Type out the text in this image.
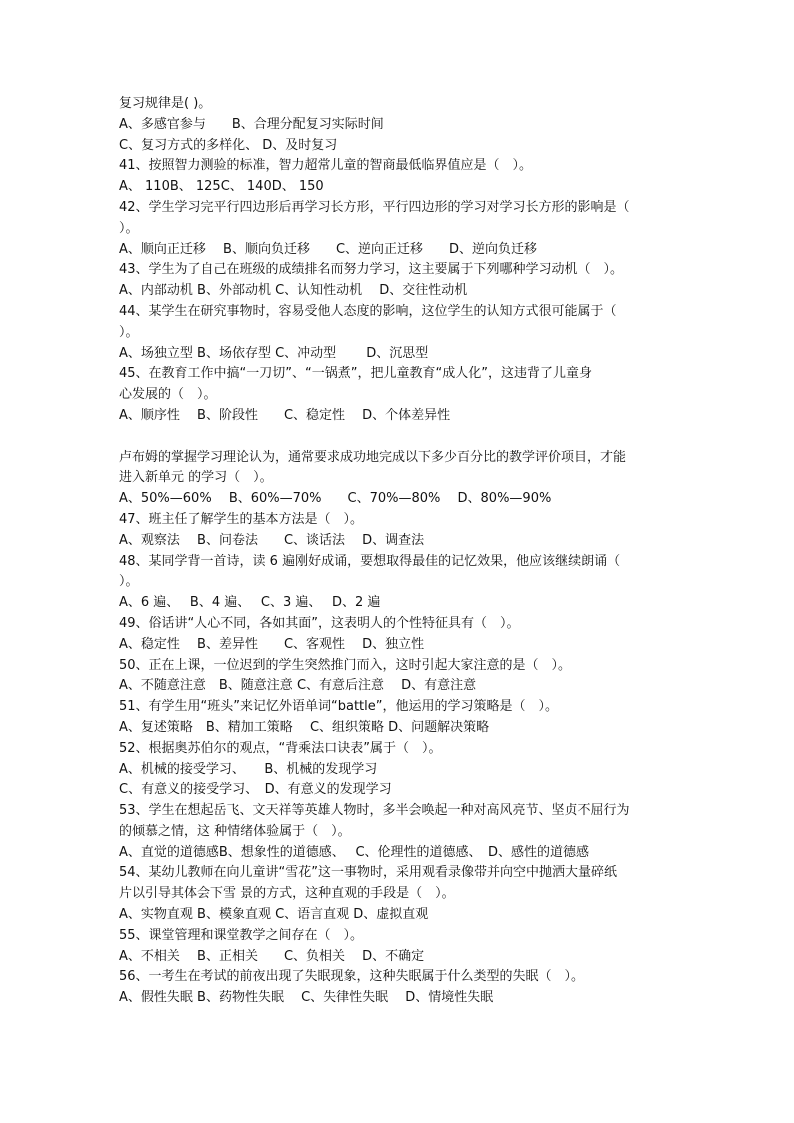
复习规律是( )。
A、多感官参与　　B、合理分配复习实际时间
C、复习方式的多样化、 D、及时复习
41、按照智力测验的标准，智力超常儿童的智商最低临界值应是（　）。
A、 110B、 125C、 140D、 150
42、学生学习完平行四边形后再学习长方形，平行四边形的学习对学习长方形的影响是（
）。
A、顺向正迁移　 B、顺向负迁移　　C、逆向正迁移　　D、逆向负迁移
43、学生为了自己在班级的成绩排名而努力学习，这主要属于下列哪种学习动机（　）。
A、内部动机 B、外部动机 C、认知性动机　 D、交往性动机
44、某学生在研究事物时，容易受他人态度的影响，这位学生的认知方式很可能属于（
）。
A、场独立型 B、场依存型 C、冲动型　　 D、沉思型
45、在教育工作中搞“一刀切”、“一锅煮”，把儿童教育“成人化”，这违背了儿童身
心发展的（　）。
A、顺序性　 B、阶段性　　C、稳定性　 D、个体差异性
卢布姆的掌握学习理论认为，通常要求成功地完成以下多少百分比的教学评价项目，才能
进入新单元 的学习（　）。
A、50%—60%　 B、60%—70%　　C、70%—80%　 D、80%—90%
47、班主任了解学生的基本方法是（　）。
A、观察法　 B、问卷法　　C、谈话法　 D、调查法
48、某同学背一首诗，读 6 遍刚好成诵，要想取得最佳的记忆效果，他应该继续朗诵（
）。
A、6 遍、　 B、4 遍、　 C、3 遍、　 D、2 遍
49、俗话讲“人心不同，各如其面”，这表明人的个性特征具有（　）。
A、稳定性　 B、差异性　　C、客观性　 D、独立性
50、正在上课，一位迟到的学生突然推门而入，这时引起大家注意的是（　）。
A、不随意注意　B、随意注意 C、有意后注意　 D、有意注意
51、有学生用“班头”来记忆外语单词“battle”，他运用的学习策略是（　）。
A、复述策略　B、精加工策略　 C、组织策略 D、问题解决策略
52、根据奥苏伯尔的观点，“背乘法口诀表”属于（　）。
A、机械的接受学习、　　B、机械的发现学习
C、有意义的接受学习、　D、有意义的发现学习
53、学生在想起岳飞、文天祥等英雄人物时，多半会唤起一种对高风亮节、坚贞不屈行为
的倾慕之情，这 种情绪体验属于（　）。
A、直觉的道德感B、想象性的道德感、　 C、伦理性的道德感、　D、感性的道德感
54、某幼儿教师在向儿童讲“雪花”这一事物时，采用观看录像带并向空中抛洒大量碎纸
片以引导其体会下雪 景的方式，这种直观的手段是（　）。
A、实物直观 B、模象直观 C、语言直观 D、虚拟直观
55、课堂管理和课堂教学之间存在（　）。
A、不相关　 B、正相关　　C、负相关　 D、不确定
56、一考生在考试的前夜出现了失眠现象，这种失眠属于什么类型的失眠（　）。
A、假性失眠 B、药物性失眠　 C、失律性失眠　 D、情境性失眠
